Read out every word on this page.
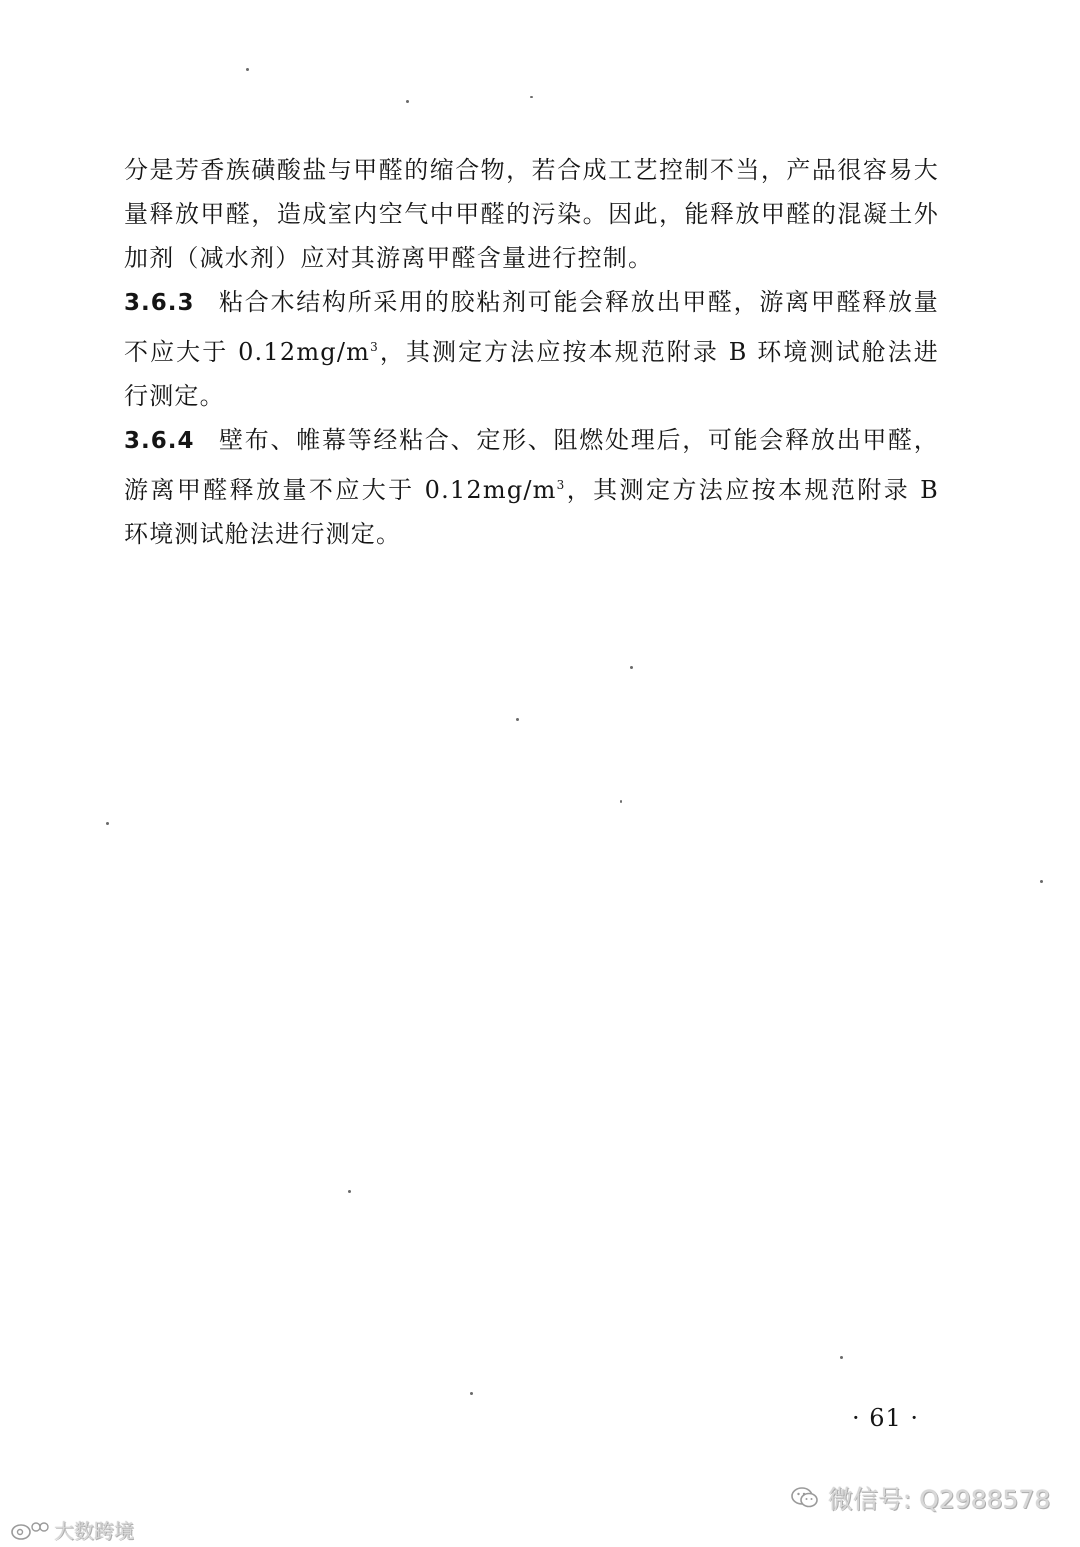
分是芳香族磺酸盐与甲醛的缩合物，若合成工艺控制不当，产品很容易大量释放甲醛，造成室内空气中甲醛的污染。因此，能释放甲醛的混凝土外加剂（减水剂）应对其游离甲醛含量进行控制。

3.6.3 粘合木结构所采用的胶粘剂可能会释放出甲醛，游离甲醛释放量不应大于 $0.12mg/m^3$，其测定方法应按本规范附录 B 环境测试舱法进行测定。

3.6.4 壁布、帷幕等经粘合、定形、阻燃处理后，可能会释放出甲醛，游离甲醛释放量不应大于 $0.12mg/m^3$，其测定方法应按本规范附录 B 环境测试舱法进行测定。

· 61 ·
微信号: Q2988578
大数跨境
